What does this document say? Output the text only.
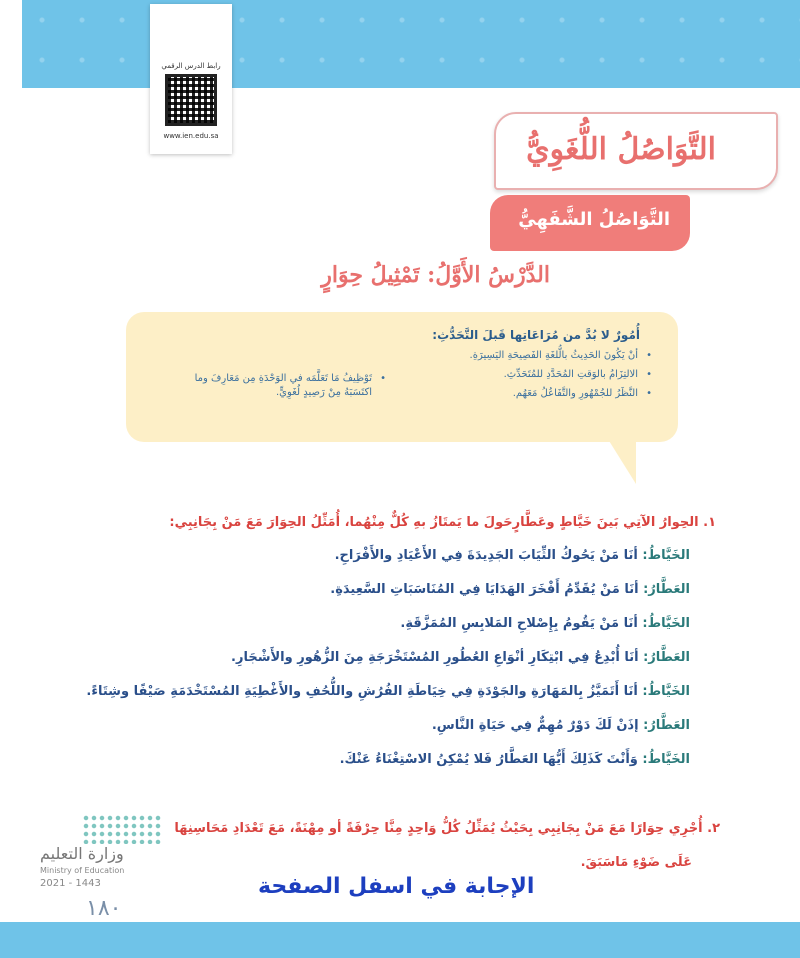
رابط الدرس الرقمي
www.ien.edu.sa	التَّوَاصُلُ اللُّغَوِيُّ
التَّوَاصُلُ الشَّفَهِيُّ
الدَّرْسُ الأَوَّلُ: تَمْثِيلُ حِوَارٍ
أُمُورٌ لا بُدَّ من مُرَاعَاتِها قَبلَ التَّحَدُّثِ:
• أنْ يَكُونَ الحَدِيثُ بالُّلغَةِ الفَصِيحَةِ اليَسِيرَةِ.
• الالتِزَامُ بالوَقتِ المُحَدَّدِ للمُتَحَدِّثِ.
• النَّظَرُ للجُمْهُورِ والتَّفَاعُلُ مَعَهُم.
• تَوْظِيفُ مَا تَعَلَّمَه في الوَحْدَةِ مِن مَعَارِفَ وما اكتَسَبَهُ مِنْ رَصِيدٍ لُغَوِيٍّ.
١. الحِوارُ الآتِي بَينَ خَيَّاطٍ وعَطَّارٍحَولَ ما يَمتَازُ بهِ كُلٌّ مِنْهُما، أُمَثِّلُ الحِوَارَ مَعَ مَنْ بِجَانِبِي:
الخَيَّاطُ: أنَا مَنْ يَحُوكُ الثِّيَابَ الجَدِيدَةَ فِي الأَعْيَادِ والأَفْرَاحِ.
العَطَّارُ: أنَا مَنْ يُقَدِّمُ أَفْخَرَ الهَدَايَا فِي المُنَاسَبَاتِ السَّعِيدَةِ.
الخَيَّاطُ: أنَا مَنْ يَقُومُ بِإِصْلاحِ المَلابِسِ المُمَزَّقَةِ.
العَطَّارُ: أنَا أُبْدِعُ فِي ابْتِكَارِ أنْوَاعِ العُطُورِ المُسْتَخْرَجَةِ مِنَ الزُّهُورِ والأَشْجَارِ.
الخَيَّاطُ: أنَا أَتَمَيَّزُ بِالمَهَارَةِ والجَوْدَةِ فِي خِيَاطَةِ الفُرُشِ واللُّحُفِ والأَغْطِيَةِ المُسْتَخْدَمَةِ صَيْفًا وشِتَاءً.
العَطَّارُ: إذَنْ لَكَ دَوْرٌ مُهِمٌّ فِي حَيَاةِ النَّاسِ.
الخَيَّاطُ: وَأَنْتَ كَذَلِكَ أَيُّهَا العَطَّارُ فَلا يُمْكِنُ الاسْتِغْنَاءُ عَنْكَ.
٢. أُجْرِي حِوَارًا مَعَ مَنْ بِجَانِبِي بِحَيْثُ يُمَثِّلُ كُلُّ وَاحِدٍ مِنَّا حِرْفَةً أو مِهْنَةً، مَعَ تَعْدَادِ مَحَاسِنِهَا
عَلَى ضَوْءِ مَاسَبَقَ.
وزارة التعليم
Ministry of Education
2021 - 1443	الإجابة في اسفل الصفحة
١٨٠
